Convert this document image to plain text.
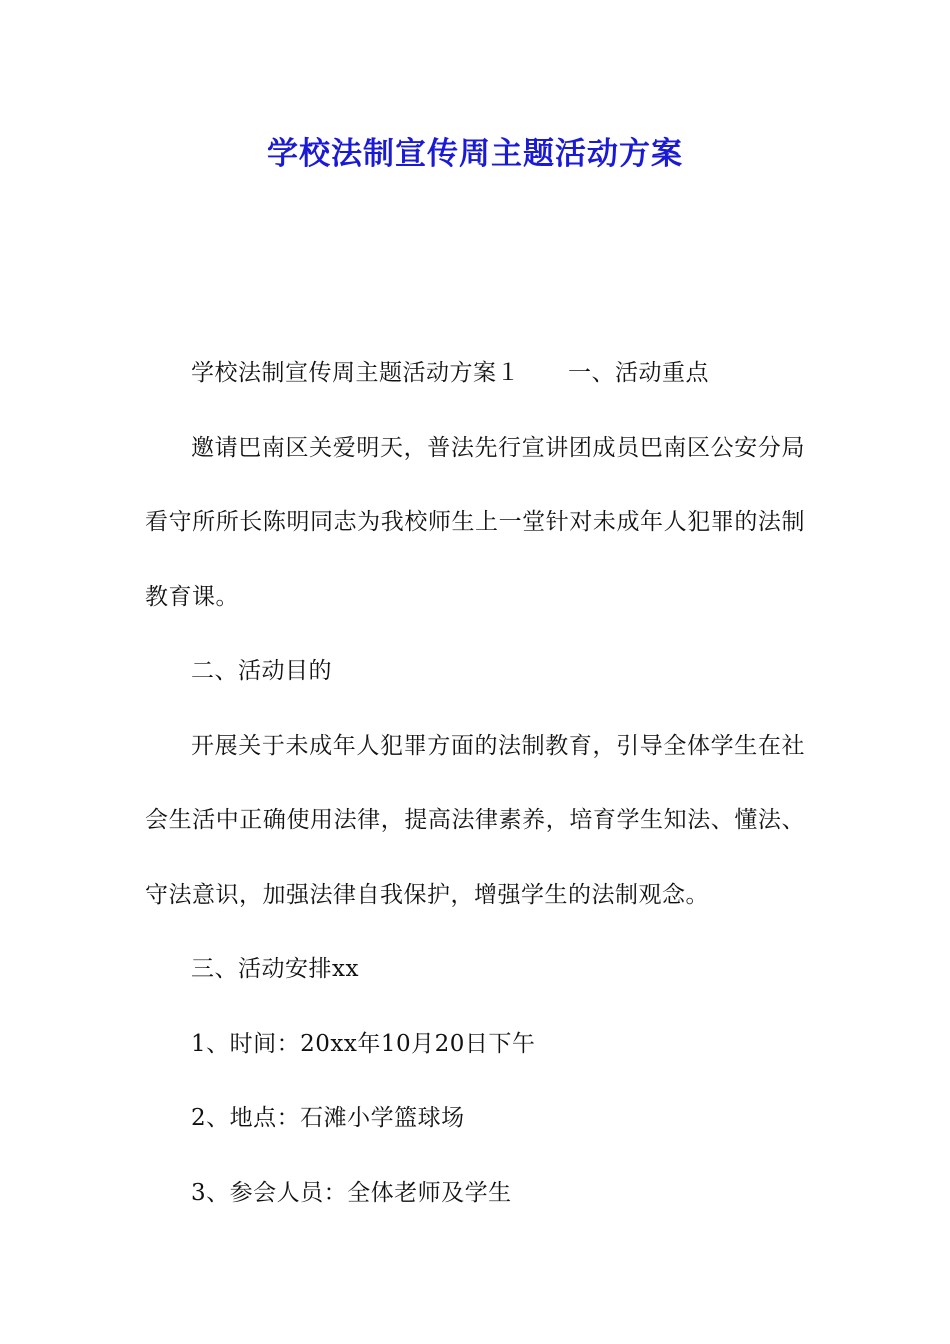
学校法制宣传周主题活动方案

学校法制宣传周主题活动方案１ 一、活动重点

邀请巴南区关爱明天，普法先行宣讲团成员巴南区公安分局看守所所长陈明同志为我校师生上一堂针对未成年人犯罪的法制教育课。

二、活动目的

开展关于未成年人犯罪方面的法制教育，引导全体学生在社会生活中正确使用法律，提高法律素养，培育学生知法、懂法、守法意识，加强法律自我保护，增强学生的法制观念。

三、活动安排xx

1、时间：20xx年10月20日下午

2、地点：石滩小学篮球场

3、参会人员：全体老师及学生
